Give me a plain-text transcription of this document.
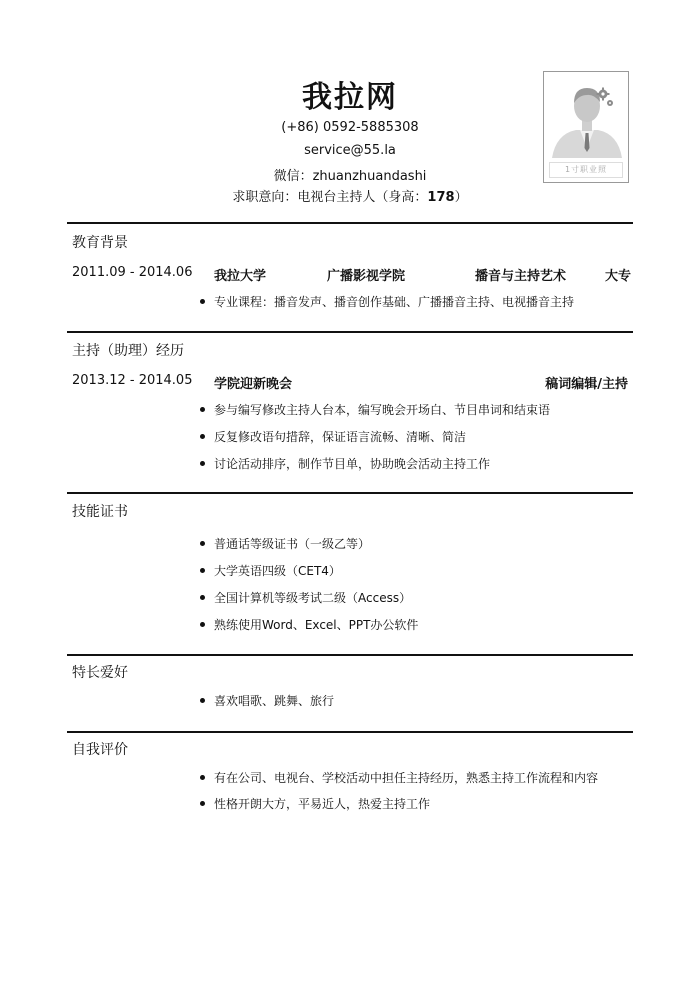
我拉网
(+86) 0592-5885308
service@55.la
微信：zhuanzhuandashi
求职意向：电视台主持人（身高：178）
1寸职业照
教育背景
2011.09 - 2014.06 我拉大学	广播影视学院	播音与主持艺术	大专
专业课程：播音发声、播音创作基础、广播播音主持、电视播音主持
主持（助理）经历
2013.12 - 2014.05 学院迎新晚会	稿词编辑/主持
参与编写修改主持人台本，编写晚会开场白、节目串词和结束语
反复修改语句措辞，保证语言流畅、清晰、简洁
讨论活动排序，制作节目单，协助晚会活动主持工作
技能证书
普通话等级证书（一级乙等）
大学英语四级（CET4）
全国计算机等级考试二级（Access）
熟练使用Word、Excel、PPT办公软件
特长爱好
喜欢唱歌、跳舞、旅行
自我评价
有在公司、电视台、学校活动中担任主持经历，熟悉主持工作流程和内容
性格开朗大方，平易近人，热爱主持工作
